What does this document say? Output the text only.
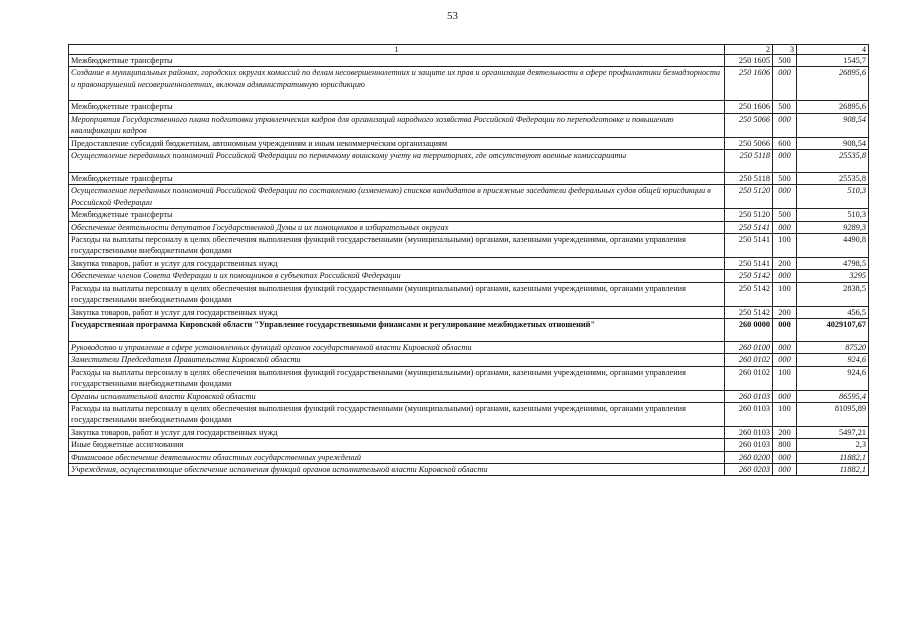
53
1	2	3	4
Межбюджетные трансферты	250 1605	500	1545,7
Создание в муниципальных районах, городских округах комиссий по делам несовершеннолетних и защите их прав и организация деятельности в сфере профилактики безнадзорности и правонарушений несовершеннолетних, включая административную юрисдикцию	250 1606	000	26895,6
Межбюджетные трансферты	250 1606	500	26895,6
Мероприятия Государственного плана подготовки управленческих кадров для организаций народного хозяйства Российской Федерации по переподготовке и повышению квалификации кадров	250 5066	000	908,54
Предоставление субсидий бюджетным, автономным учреждениям и иным некоммерческим организациям	250 5066	600	908,54
Осуществление переданных полномочий Российской Федерации по первичному воинскому учету на территориях, где отсутствуют военные комиссариаты	250 5118	000	25535,8
Межбюджетные трансферты	250 5118	500	25535,8
Осуществление переданных полномочий Российской Федерации по составлению (изменению) списков кандидатов в присяжные заседатели федеральных судов общей юрисдикции в Российской Федерации	250 5120	000	510,3
Межбюджетные трансферты	250 5120	500	510,3
Обеспечение деятельности депутатов Государственной Думы и их помощников в избирательных округах	250 5141	000	9289,3
Расходы на выплаты персоналу в целях обеспечения выполнения функций государственными (муниципальными) органами, казенными учреждениями, органами управления государственными внебюджетными фондами	250 5141	100	4490,8
Закупка товаров, работ и услуг для государственных нужд	250 5141	200	4798,5
Обеспечение членов Совета Федерации и их помощников в субъектах Российской Федерации	250 5142	000	3295
Расходы на выплаты персоналу в целях обеспечения выполнения функций государственными (муниципальными) органами, казенными учреждениями, органами управления государственными внебюджетными фондами	250 5142	100	2838,5
Закупка товаров, работ и услуг для государственных нужд	250 5142	200	456,5
Государственная программа Кировской области "Управление государственными финансами и регулирование межбюджетных отношений"	260 0000	000	4029107,67
Руководство и управление в сфере установленных функций органов государственной власти Кировской области	260 0100	000	87520
Заместители Председателя Правительства Кировской области	260 0102	000	924,6
Расходы на выплаты персоналу в целях обеспечения выполнения функций государственными (муниципальными) органами, казенными учреждениями, органами управления государственными внебюджетными фондами	260 0102	100	924,6
Органы исполнительной власти Кировской области	260 0103	000	86595,4
Расходы на выплаты персоналу в целях обеспечения выполнения функций государственными (муниципальными) органами, казенными учреждениями, органами управления государственными внебюджетными фондами	260 0103	100	81095,89
Закупка товаров, работ и услуг для государственных нужд	260 0103	200	5497,21
Иные бюджетные ассигнования	260 0103	800	2,3
Финансовое обеспечение деятельности областных государственных учреждений	260 0200	000	11882,1
Учреждения, осуществляющие обеспечение исполнения функций органов исполнительной власти Кировской области	260 0203	000	11882,1
